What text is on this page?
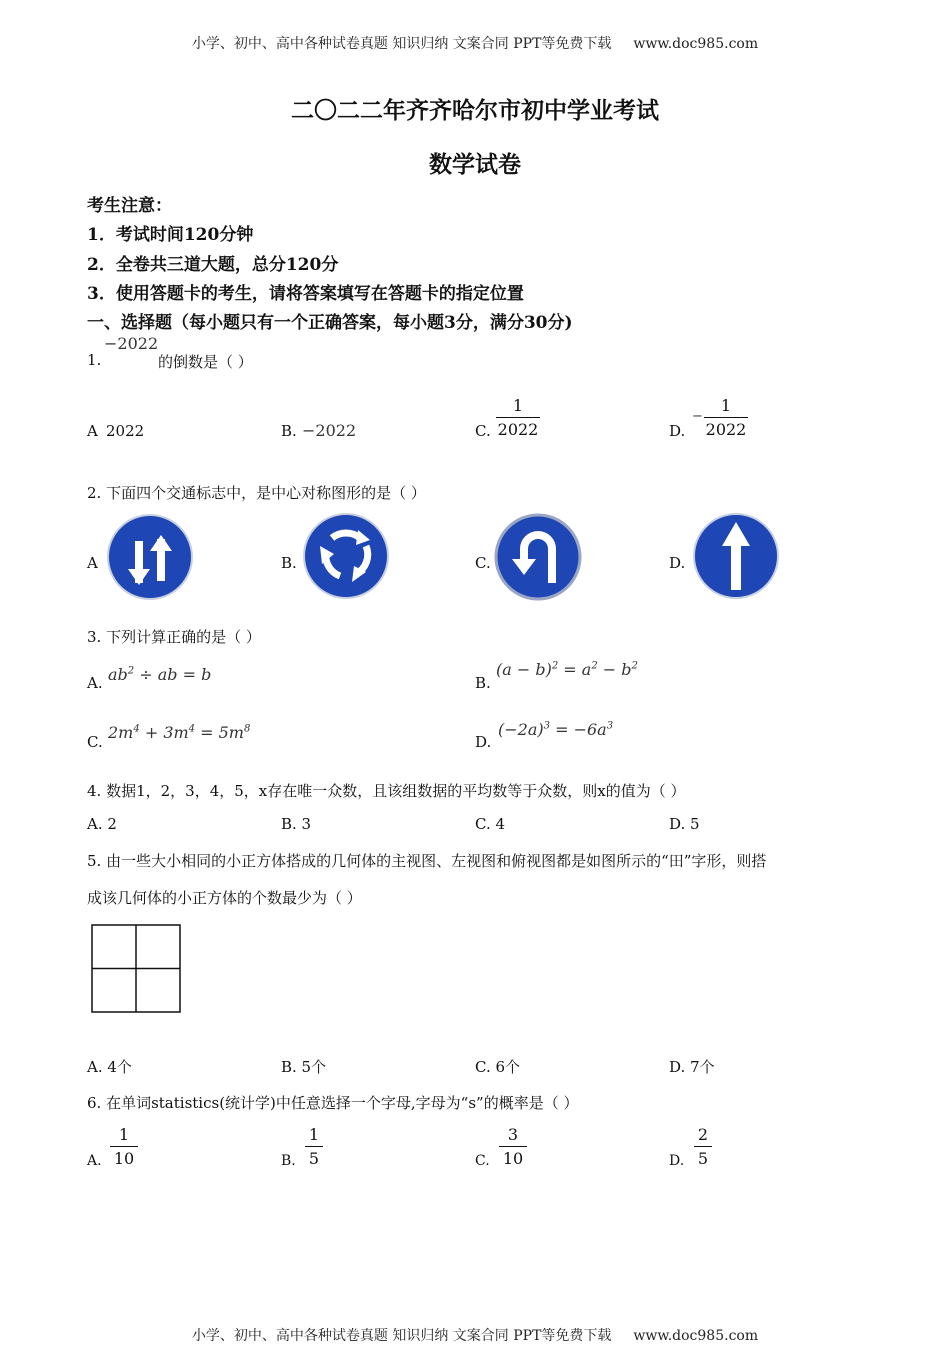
小学、初中、高中各种试卷真题 知识归纳 文案合同 PPT等免费下载 www.doc985.com
二〇二二年齐齐哈尔市初中学业考试
数学试卷
考生注意：
1．考试时间120分钟
2．全卷共三道大题，总分120分
3．使用答题卡的考生，请将答案填写在答题卡的指定位置
一、选择题（每小题只有一个正确答案，每小题3分，满分30分)
1.
−2022
的倒数是（ ）
A 2022	B. −2022	C.
1
2022	D.
−
1
2022
2. 下面四个交通标志中，是中心对称图形的是（ ）
A	B.	C.	D.
3. 下列计算正确的是（ ）
A. $ab^2$ ÷ ab = b	B.
$(a - b)^2 = a^2 - b^2$
C. $2m^4 + 3m^4 = 5m^8$
D.
$(-2a)^3 = -6a^3$
4. 数据1，2，3，4，5，x存在唯一众数，且该组数据的平均数等于众数，则x的值为（ ）
A. 2	B. 3	C. 4	D. 5
5. 由一些大小相同的小正方体搭成的几何体的主视图、左视图和俯视图都是如图所示的“田”字形，则搭
成该几何体的小正方体的个数最少为（ ）
A. 4个	B. 5个	C. 6个	D. 7个
6. 在单词statistics(统计学)中任意选择一个字母,字母为“s”的概率是（ ）
A.
1
10	B.
1
5	C.
3
10	D.
2
5
小学、初中、高中各种试卷真题 知识归纳 文案合同 PPT等免费下载 www.doc985.com
